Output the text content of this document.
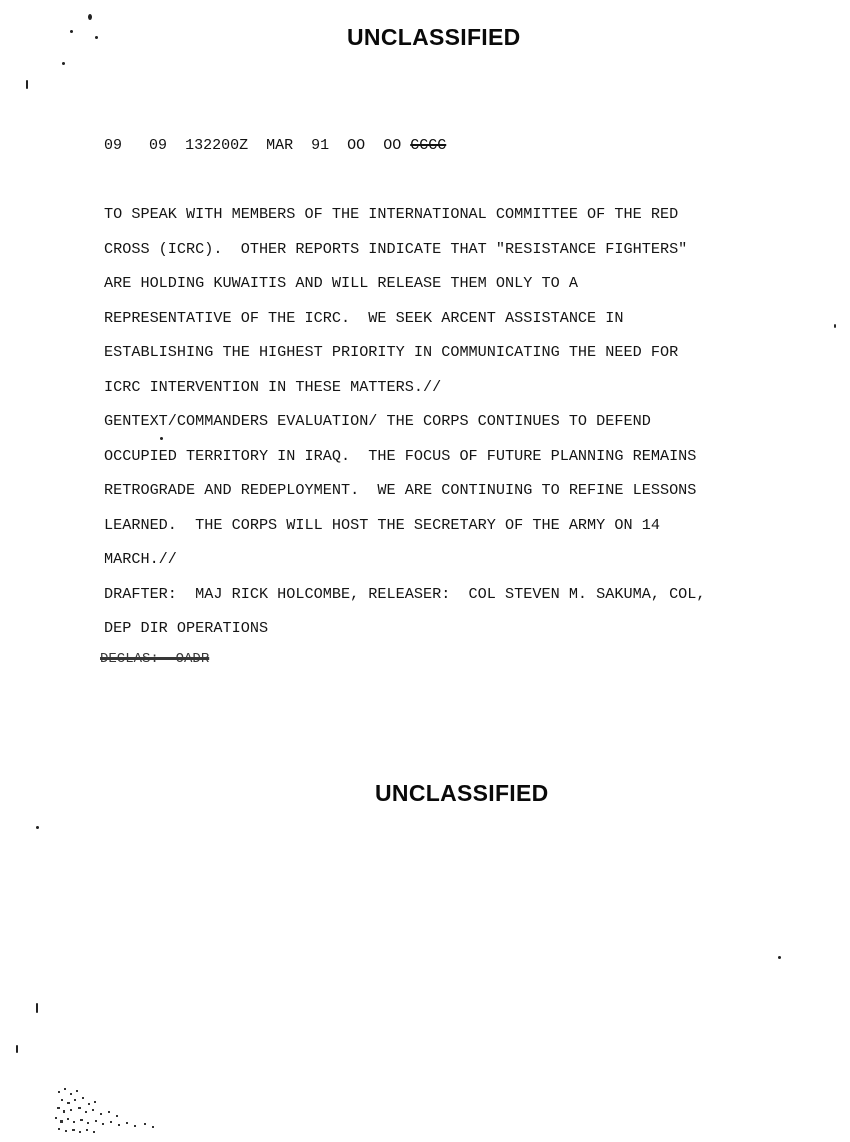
UNCLASSIFIED
09 09 132200Z MAR 91 OO OO CCCC
TO SPEAK WITH MEMBERS OF THE INTERNATIONAL COMMITTEE OF THE RED
CROSS (ICRC).  OTHER REPORTS INDICATE THAT "RESISTANCE FIGHTERS"
ARE HOLDING KUWAITIS AND WILL RELEASE THEM ONLY TO A
REPRESENTATIVE OF THE ICRC.  WE SEEK ARCENT ASSISTANCE IN
ESTABLISHING THE HIGHEST PRIORITY IN COMMUNICATING THE NEED FOR
ICRC INTERVENTION IN THESE MATTERS.//
GENTEXT/COMMANDERS EVALUATION/ THE CORPS CONTINUES TO DEFEND
OCCUPIED TERRITORY IN IRAQ.  THE FOCUS OF FUTURE PLANNING REMAINS
RETROGRADE AND REDEPLOYMENT.  WE ARE CONTINUING TO REFINE LESSONS
LEARNED.  THE CORPS WILL HOST THE SECRETARY OF THE ARMY ON 14
MARCH.//
DRAFTER:  MAJ RICK HOLCOMBE, RELEASER:  COL STEVEN M. SAKUMA, COL,
DEP DIR OPERATIONS
DECLAS:  OADR
UNCLASSIFIED
